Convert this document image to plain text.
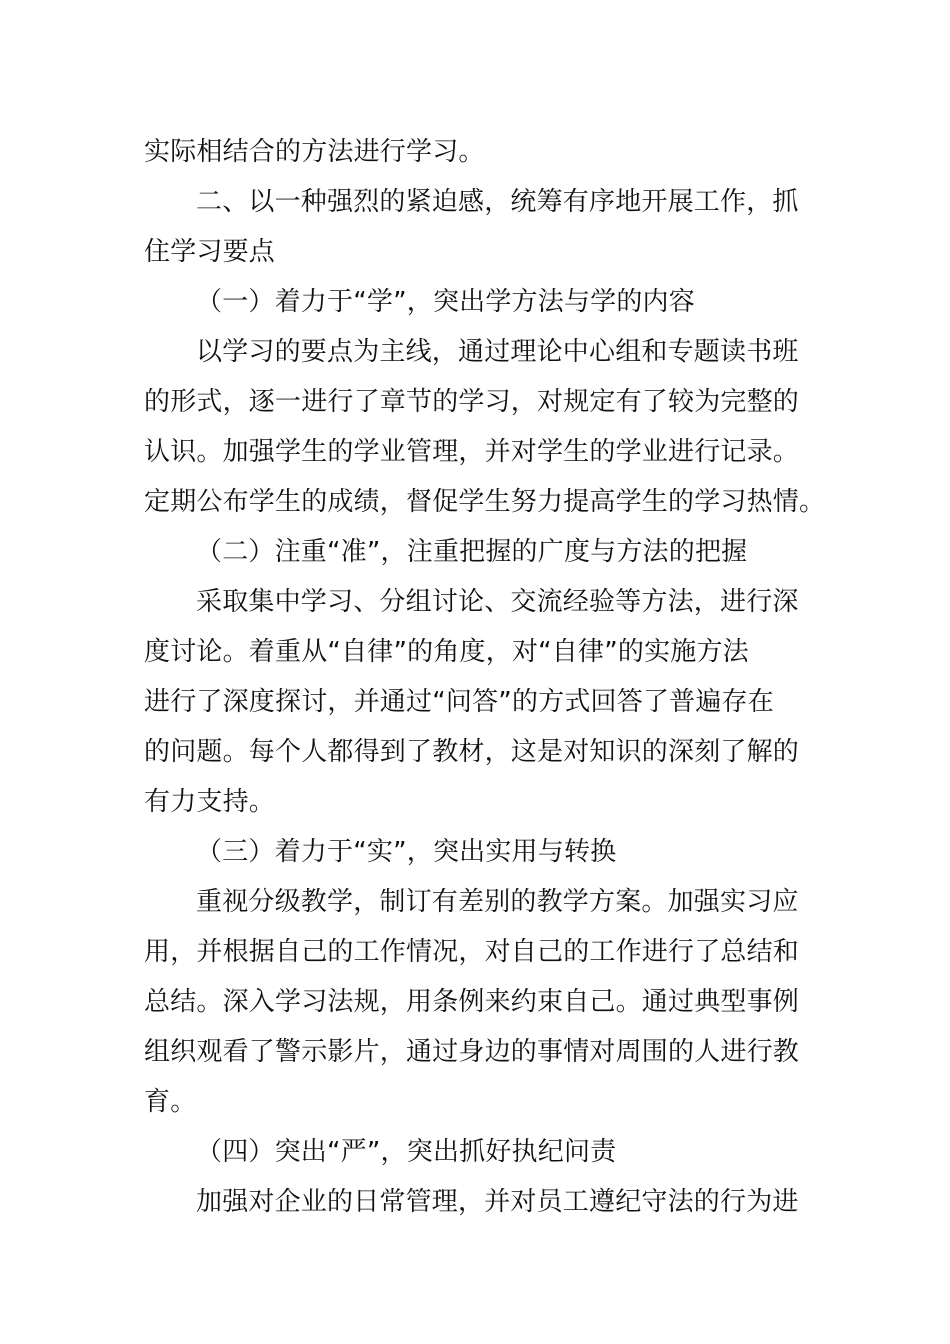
实际相结合的方法进行学习。
二、以一种强烈的紧迫感，统筹有序地开展工作，抓
住学习要点
（一）着力于“学”，突出学方法与学的内容
以学习的要点为主线，通过理论中心组和专题读书班
的形式，逐一进行了章节的学习，对规定有了较为完整的
认识。加强学生的学业管理，并对学生的学业进行记录。
定期公布学生的成绩，督促学生努力提高学生的学习热情。
（二）注重“准”，注重把握的广度与方法的把握
采取集中学习、分组讨论、交流经验等方法，进行深
度讨论。着重从“自律”的角度，对“自律”的实施方法
进行了深度探讨，并通过“问答”的方式回答了普遍存在
的问题。每个人都得到了教材，这是对知识的深刻了解的
有力支持。
（三）着力于“实”，突出实用与转换
重视分级教学，制订有差别的教学方案。加强实习应
用，并根据自己的工作情况，对自己的工作进行了总结和
总结。深入学习法规，用条例来约束自己。通过典型事例
组织观看了警示影片，通过身边的事情对周围的人进行教
育。
（四）突出“严”，突出抓好执纪问责
加强对企业的日常管理，并对员工遵纪守法的行为进
